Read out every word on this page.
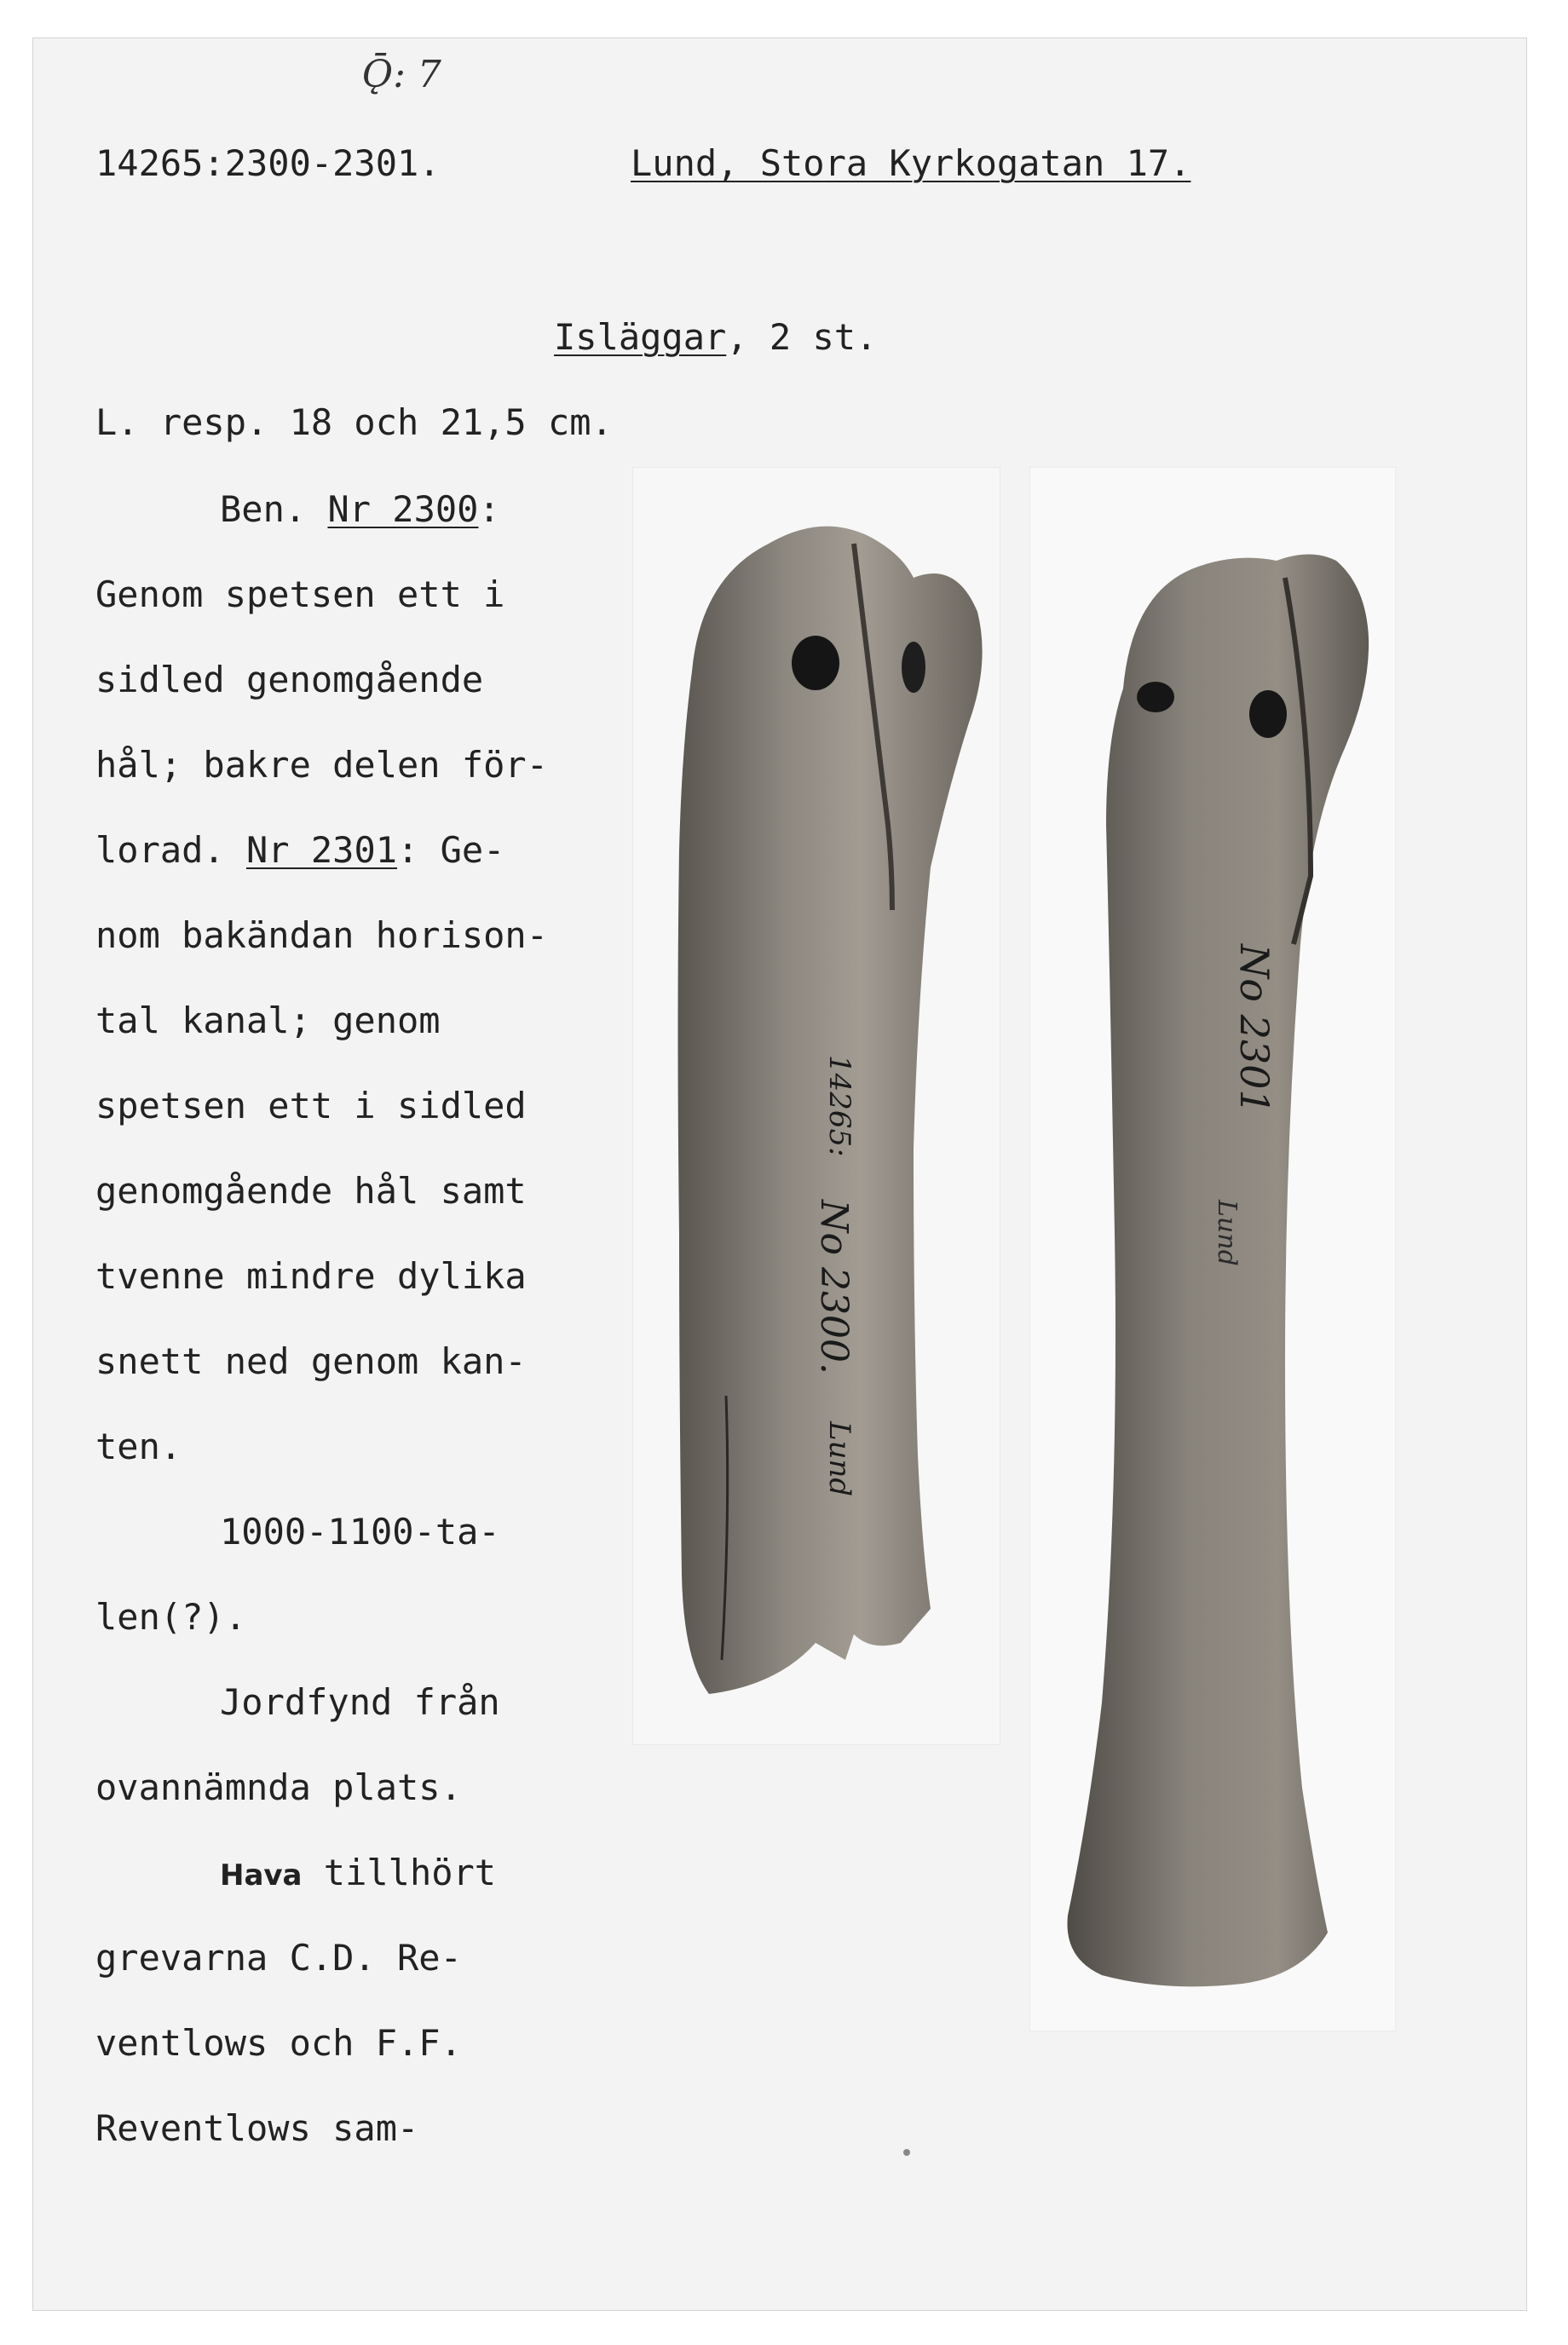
Ǭ: 7
14265:2300-2301.	Lund, Stora Kyrkogatan 17.
Isläggar, 2 st.
L. resp. 18 och 21,5 cm.
Ben. Nr 2300:
Genom spetsen ett i
sidled genomgående
hål; bakre delen för-
lorad. Nr 2301: Ge-
nom bakändan horison-
tal kanal; genom
spetsen ett i sidled
genomgående hål samt
tvenne mindre dylika
snett ned genom kan-
ten.
1000-1100-ta-
len(?).
Jordfynd från
ovannämnda plats.
Hava tillhört
grevarna C.D. Re-
ventlows och F.F.
Reventlows sam-
14265:
No 2300.
Lund
No 2301
Lund
